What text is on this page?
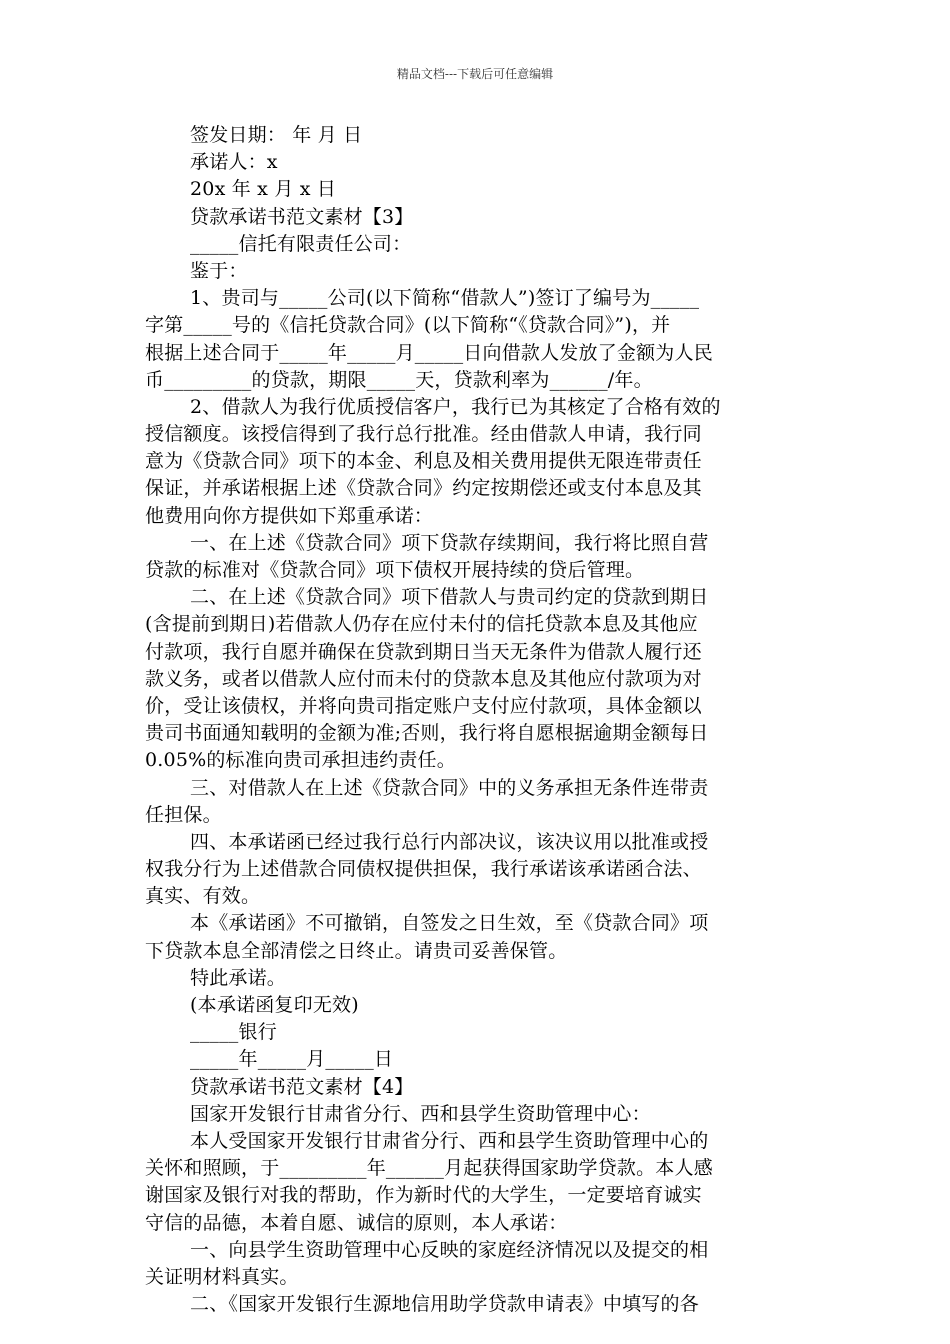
精品文档---下载后可任意编辑
签发日期： 年 月 日
承诺人：x
20x 年 x 月 x 日
贷款承诺书范文素材【3】
_____信托有限责任公司：
鉴于：
1、贵司与_____公司(以下简称“借款人”)签订了编号为_____
字第_____号的《信托贷款合同》(以下简称“《贷款合同》”)，并
根据上述合同于_____年_____月_____日向借款人发放了金额为人民
币_________的贷款，期限_____天，贷款利率为______/年。
2、借款人为我行优质授信客户，我行已为其核定了合格有效的
授信额度。该授信得到了我行总行批准。经由借款人申请，我行同
意为《贷款合同》项下的本金、利息及相关费用提供无限连带责任
保证，并承诺根据上述《贷款合同》约定按期偿还或支付本息及其
他费用向你方提供如下郑重承诺：
一、在上述《贷款合同》项下贷款存续期间，我行将比照自营
贷款的标准对《贷款合同》项下债权开展持续的贷后管理。
二、在上述《贷款合同》项下借款人与贵司约定的贷款到期日
(含提前到期日)若借款人仍存在应付未付的信托贷款本息及其他应
付款项，我行自愿并确保在贷款到期日当天无条件为借款人履行还
款义务，或者以借款人应付而未付的贷款本息及其他应付款项为对
价，受让该债权，并将向贵司指定账户支付应付款项，具体金额以
贵司书面通知载明的金额为准;否则，我行将自愿根据逾期金额每日
0.05%的标准向贵司承担违约责任。
三、对借款人在上述《贷款合同》中的义务承担无条件连带责
任担保。
四、本承诺函已经过我行总行内部决议，该决议用以批准或授
权我分行为上述借款合同债权提供担保，我行承诺该承诺函合法、
真实、有效。
本《承诺函》不可撤销，自签发之日生效，至《贷款合同》项
下贷款本息全部清偿之日终止。请贵司妥善保管。
特此承诺。
(本承诺函复印无效)
_____银行
_____年_____月_____日
贷款承诺书范文素材【4】
国家开发银行甘肃省分行、西和县学生资助管理中心：
本人受国家开发银行甘肃省分行、西和县学生资助管理中心的
关怀和照顾，于_________年______月起获得国家助学贷款。本人感
谢国家及银行对我的帮助，作为新时代的大学生，一定要培育诚实
守信的品德，本着自愿、诚信的原则，本人承诺：
一、向县学生资助管理中心反映的家庭经济情况以及提交的相
关证明材料真实。
二、《国家开发银行生源地信用助学贷款申请表》中填写的各
